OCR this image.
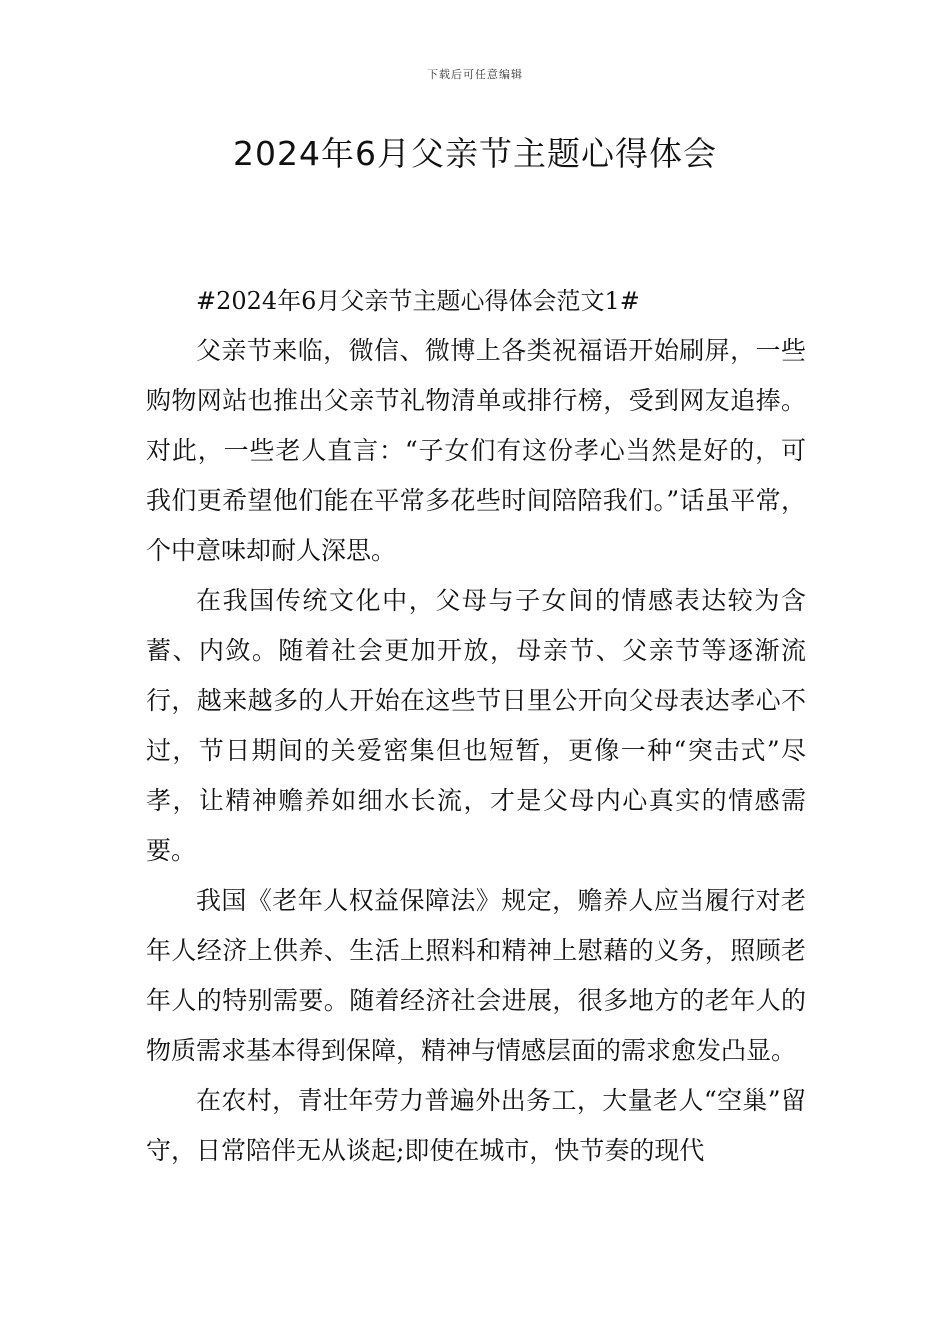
下载后可任意编辑
2024年6月父亲节主题心得体会

#2024年6月父亲节主题心得体会范文1#

父亲节来临，微信、微博上各类祝福语开始刷屏，一些购物网站也推出父亲节礼物清单或排行榜，受到网友追捧。对此，一些老人直言：“子女们有这份孝心当然是好的，可我们更希望他们能在平常多花些时间陪陪我们。”话虽平常，个中意味却耐人深思。

在我国传统文化中，父母与子女间的情感表达较为含蓄、内敛。随着社会更加开放，母亲节、父亲节等逐渐流行，越来越多的人开始在这些节日里公开向父母表达孝心不过，节日期间的关爱密集但也短暂，更像一种“突击式”尽孝，让精神赡养如细水长流，才是父母内心真实的情感需要。

我国《老年人权益保障法》规定，赡养人应当履行对老年人经济上供养、生活上照料和精神上慰藉的义务，照顾老年人的特别需要。随着经济社会进展，很多地方的老年人的物质需求基本得到保障，精神与情感层面的需求愈发凸显。

在农村，青壮年劳力普遍外出务工，大量老人“空巢”留守，日常陪伴无从谈起;即使在城市，快节奏的现代
